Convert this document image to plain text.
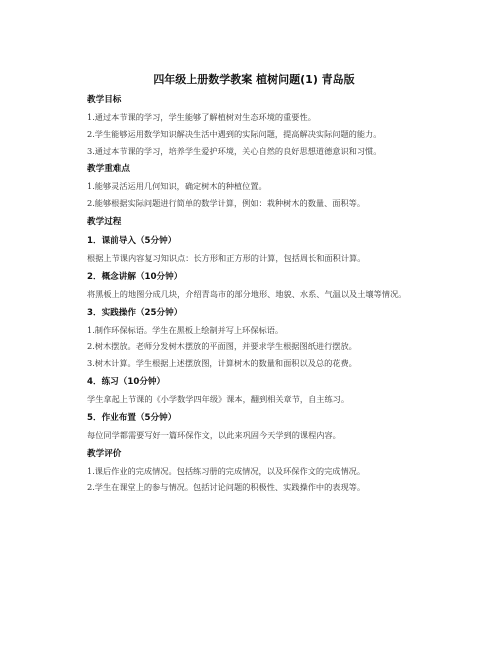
四年级上册数学教案 植树问题(1) 青岛版
教学目标
1.通过本节课的学习，学生能够了解植树对生态环境的重要性。
2.学生能够运用数学知识解决生活中遇到的实际问题，提高解决实际问题的能力。
3.通过本节课的学习，培养学生爱护环境，关心自然的良好思想道德意识和习惯。
教学重难点
1.能够灵活运用几何知识，确定树木的种植位置。
2.能够根据实际问题进行简单的数学计算，例如：栽种树木的数量、面积等。
教学过程
1．课前导入（5分钟）
根据上节课内容复习知识点：长方形和正方形的计算，包括周长和面积计算。
2．概念讲解（10分钟）
将黑板上的地图分成几块，介绍青岛市的部分地形、地貌、水系、气温以及土壤等情况。
3．实践操作（25分钟）
1.制作环保标语。学生在黑板上绘制并写上环保标语。
2.树木摆放。老师分发树木摆放的平面图，并要求学生根据图纸进行摆放。
3.树木计算。学生根据上述摆放图，计算树木的数量和面积以及总的花费。
4．练习（10分钟）
学生拿起上节课的《小学数学四年级》课本，翻到相关章节，自主练习。
5．作业布置（5分钟）
每位同学都需要写好一篇环保作文，以此来巩固今天学到的课程内容。
教学评价
1.课后作业的完成情况。包括练习册的完成情况，以及环保作文的完成情况。
2.学生在课堂上的参与情况。包括讨论问题的积极性、实践操作中的表现等。
